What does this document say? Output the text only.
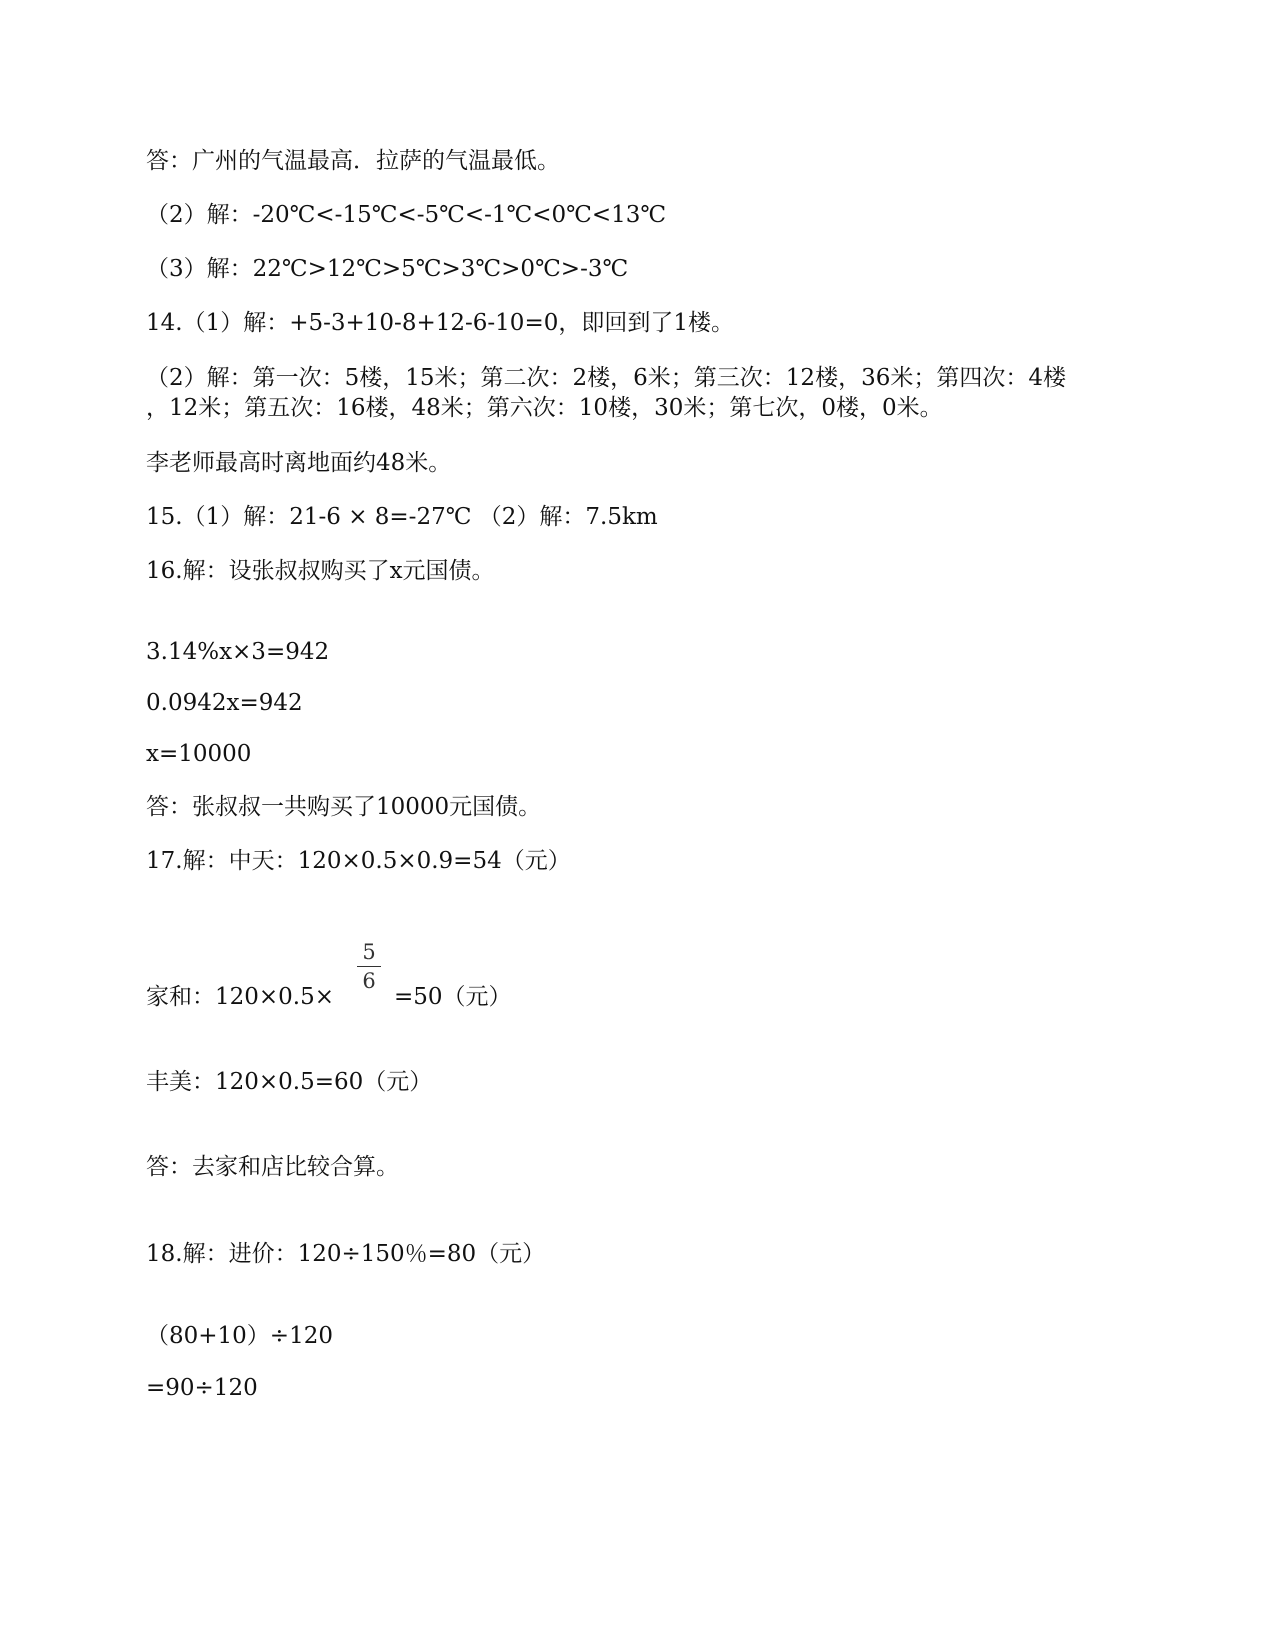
答：广州的气温最高．拉萨的气温最低。
（2）解：-20℃<-15℃<-5℃<-1℃<0℃<13℃
（3）解：22℃>12℃>5℃>3℃>0℃>-3℃
14.（1）解：+5-3+10-8+12-6-10=0，即回到了1楼。
（2）解：第一次：5楼，15米；第二次：2楼，6米；第三次：12楼，36米；第四次：4楼
，12米；第五次：16楼，48米；第六次：10楼，30米；第七次，0楼，0米。
李老师最高时离地面约48米。
15.（1）解：21-6 × 8=-27℃ （2）解：7.5km
16.解：设张叔叔购买了x元国债。
3.14%x×3=942
0.0942x=942
x=10000
答：张叔叔一共购买了10000元国债。
17.解：中天：120×0.5×0.9=54（元）
家和：120×0.5×
5
6
=50（元）
丰美：120×0.5=60（元）
答：去家和店比较合算。
18.解：进价：120÷150％=80（元）
（80+10）÷120
=90÷120
